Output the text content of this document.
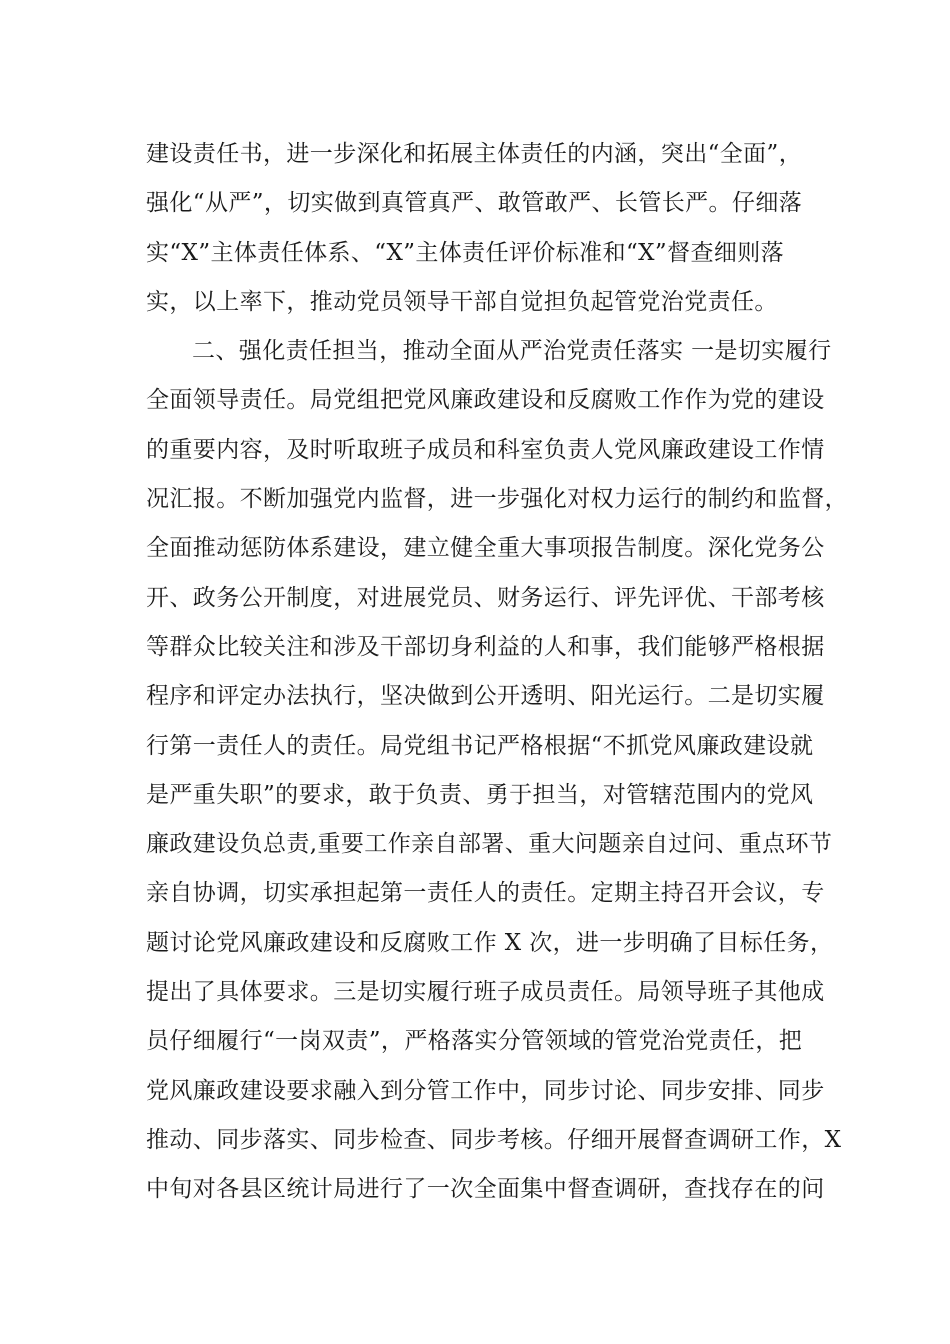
建设责任书，进一步深化和拓展主体责任的内涵，突出“全面”，
强化“从严”，切实做到真管真严、敢管敢严、长管长严。仔细落
实“X”主体责任体系、“X”主体责任评价标准和“X”督查细则落
实，以上率下，推动党员领导干部自觉担负起管党治党责任。
二、强化责任担当，推动全面从严治党责任落实 一是切实履行
全面领导责任。局党组把党风廉政建设和反腐败工作作为党的建设
的重要内容，及时听取班子成员和科室负责人党风廉政建设工作情
况汇报。不断加强党内监督，进一步强化对权力运行的制约和监督，
全面推动惩防体系建设，建立健全重大事项报告制度。深化党务公
开、政务公开制度，对进展党员、财务运行、评先评优、干部考核
等群众比较关注和涉及干部切身利益的人和事，我们能够严格根据
程序和评定办法执行，坚决做到公开透明、阳光运行。二是切实履
行第一责任人的责任。局党组书记严格根据“不抓党风廉政建设就
是严重失职”的要求，敢于负责、勇于担当，对管辖范围内的党风
廉政建设负总责,重要工作亲自部署、重大问题亲自过问、重点环节
亲自协调，切实承担起第一责任人的责任。定期主持召开会议，专
题讨论党风廉政建设和反腐败工作 X 次，进一步明确了目标任务，
提出了具体要求。三是切实履行班子成员责任。局领导班子其他成
员仔细履行“一岗双责”，严格落实分管领域的管党治党责任，把
党风廉政建设要求融入到分管工作中，同步讨论、同步安排、同步
推动、同步落实、同步检查、同步考核。仔细开展督查调研工作，X
中旬对各县区统计局进行了一次全面集中督查调研，查找存在的问
